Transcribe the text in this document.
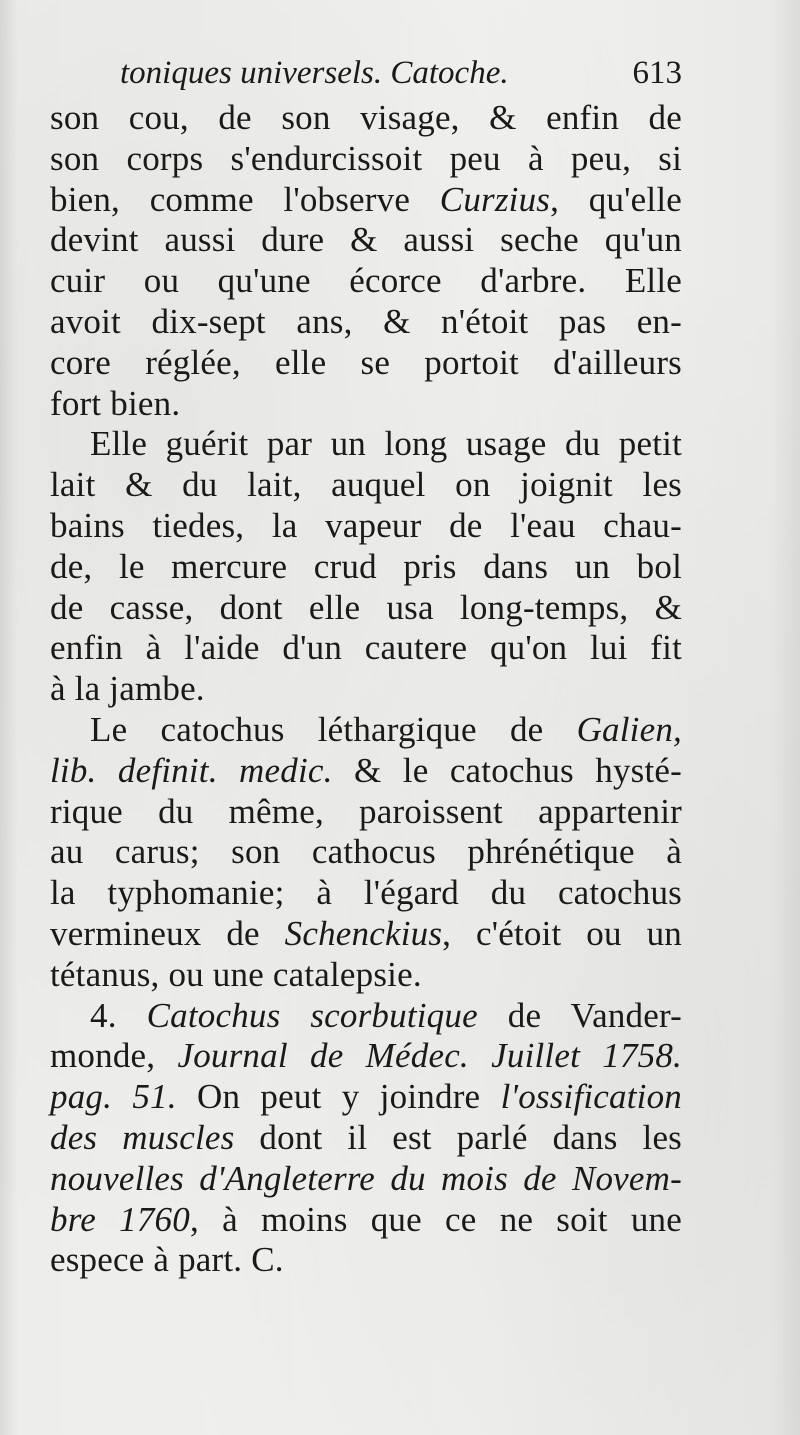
toniques universels. Catoche.	613
son cou, de son visage, & enfin de
son corps s'endurcissoit peu à peu, si
bien, comme l'observe Curzius, qu'elle
devint aussi dure & aussi seche qu'un
cuir ou qu'une écorce d'arbre. Elle
avoit dix-sept ans, & n'étoit pas en-
core réglée, elle se portoit d'ailleurs
fort bien.
Elle guérit par un long usage du petit
lait & du lait, auquel on joignit les
bains tiedes, la vapeur de l'eau chau-
de, le mercure crud pris dans un bol
de casse, dont elle usa long-temps, &
enfin à l'aide d'un cautere qu'on lui fit
à la jambe.
Le catochus léthargique de Galien,
lib. definit. medic. & le catochus hysté-
rique du même, paroissent appartenir
au carus; son cathocus phrénétique à
la typhomanie; à l'égard du catochus
vermineux de Schenckius, c'étoit ou un
tétanus, ou une catalepsie.
4. Catochus scorbutique de Vander-
monde, Journal de Médec. Juillet 1758.
pag. 51. On peut y joindre l'ossification
des muscles dont il est parlé dans les
nouvelles d'Angleterre du mois de Novem-
bre 1760, à moins que ce ne soit une
espece à part. C.
